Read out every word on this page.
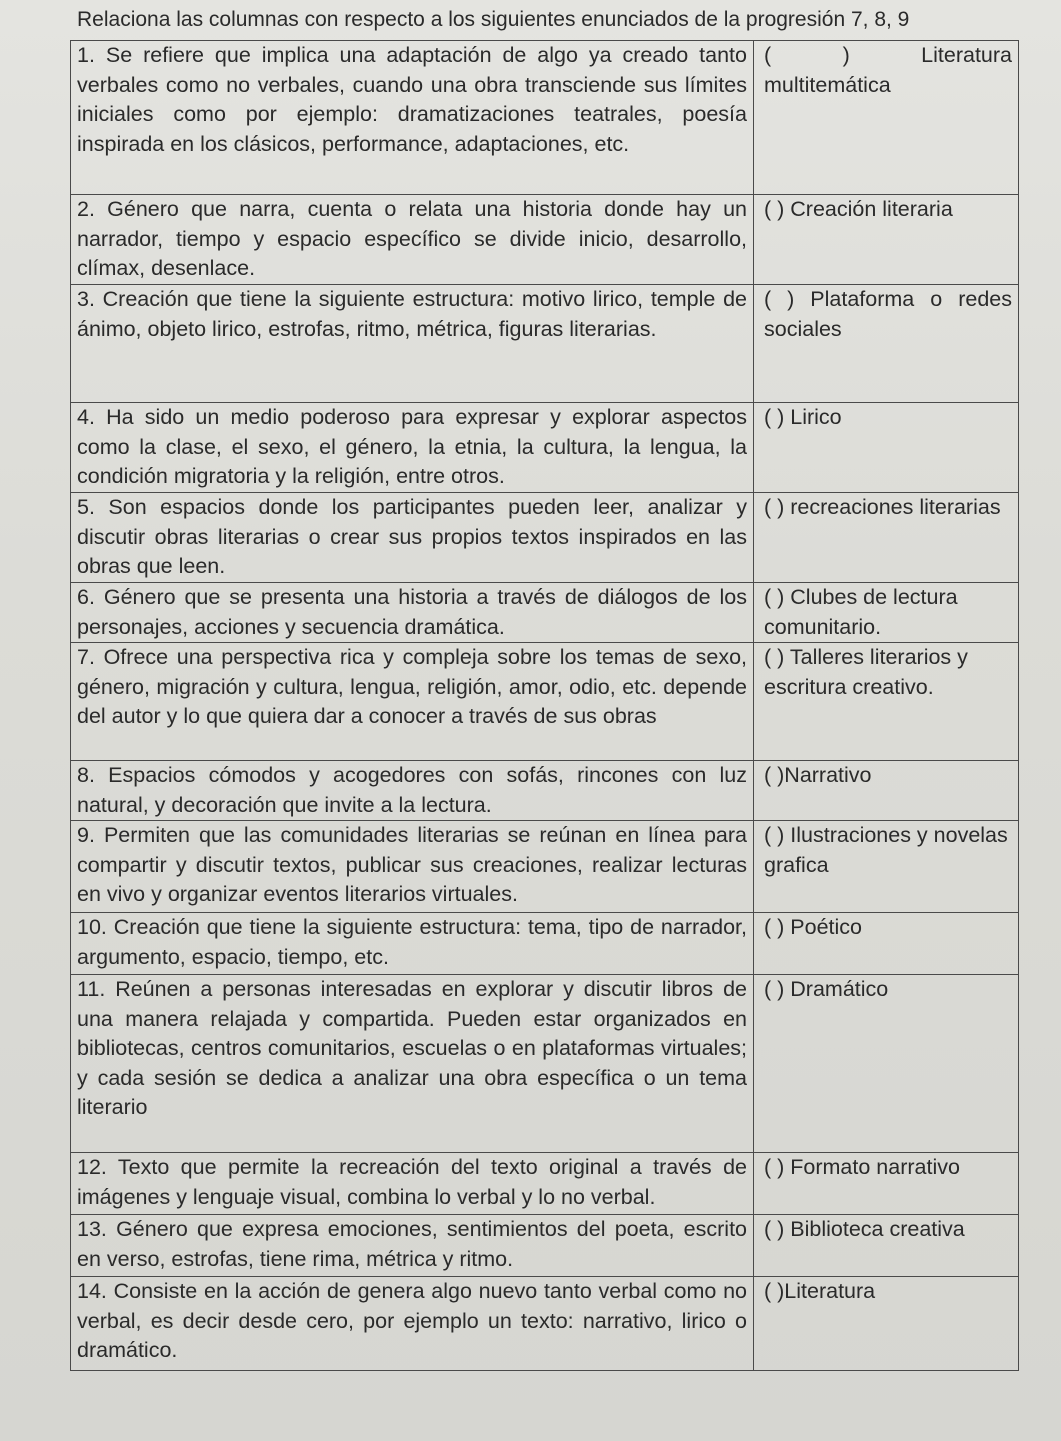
Relaciona las columnas con respecto a los siguientes enunciados de la progresión 7, 8, 9

1. Se refiere que implica una adaptación de algo ya creado tanto verbales como no verbales, cuando una obra transciende sus límites iniciales como por ejemplo: dramatizaciones teatrales, poesía inspirada en los clásicos, performance, adaptaciones, etc.	( ) Literatura multitemática

2. Género que narra, cuenta o relata una historia donde hay un narrador, tiempo y espacio específico se divide inicio, desarrollo, clímax, desenlace.	( ) Creación literaria

3. Creación que tiene la siguiente estructura: motivo lirico, temple de ánimo, objeto lirico, estrofas, ritmo, métrica, figuras literarias.	( ) Plataforma o redes sociales

4. Ha sido un medio poderoso para expresar y explorar aspectos como la clase, el sexo, el género, la etnia, la cultura, la lengua, la condición migratoria y la religión, entre otros.	( ) Lirico

5. Son espacios donde los participantes pueden leer, analizar y discutir obras literarias o crear sus propios textos inspirados en las obras que leen.	( ) recreaciones literarias

6. Género que se presenta una historia a través de diálogos de los personajes, acciones y secuencia dramática.	( ) Clubes de lectura comunitario.

7. Ofrece una perspectiva rica y compleja sobre los temas de sexo, género, migración y cultura, lengua, religión, amor, odio, etc. depende del autor y lo que quiera dar a conocer a través de sus obras	( ) Talleres literarios y escritura creativo.

8. Espacios cómodos y acogedores con sofás, rincones con luz natural, y decoración que invite a la lectura.	( )Narrativo

9. Permiten que las comunidades literarias se reúnan en línea para compartir y discutir textos, publicar sus creaciones, realizar lecturas en vivo y organizar eventos literarios virtuales.	( ) Ilustraciones y novelas grafica

10. Creación que tiene la siguiente estructura: tema, tipo de narrador, argumento, espacio, tiempo, etc.	( ) Poético

11. Reúnen a personas interesadas en explorar y discutir libros de una manera relajada y compartida. Pueden estar organizados en bibliotecas, centros comunitarios, escuelas o en plataformas virtuales; y cada sesión se dedica a analizar una obra específica o un tema literario	( ) Dramático

12. Texto que permite la recreación del texto original a través de imágenes y lenguaje visual, combina lo verbal y lo no verbal.	( ) Formato narrativo

13. Género que expresa emociones, sentimientos del poeta, escrito en verso, estrofas, tiene rima, métrica y ritmo.	( ) Biblioteca creativa

14. Consiste en la acción de genera algo nuevo tanto verbal como no verbal, es decir desde cero, por ejemplo un texto: narrativo, lirico o dramático.	( )Literatura
